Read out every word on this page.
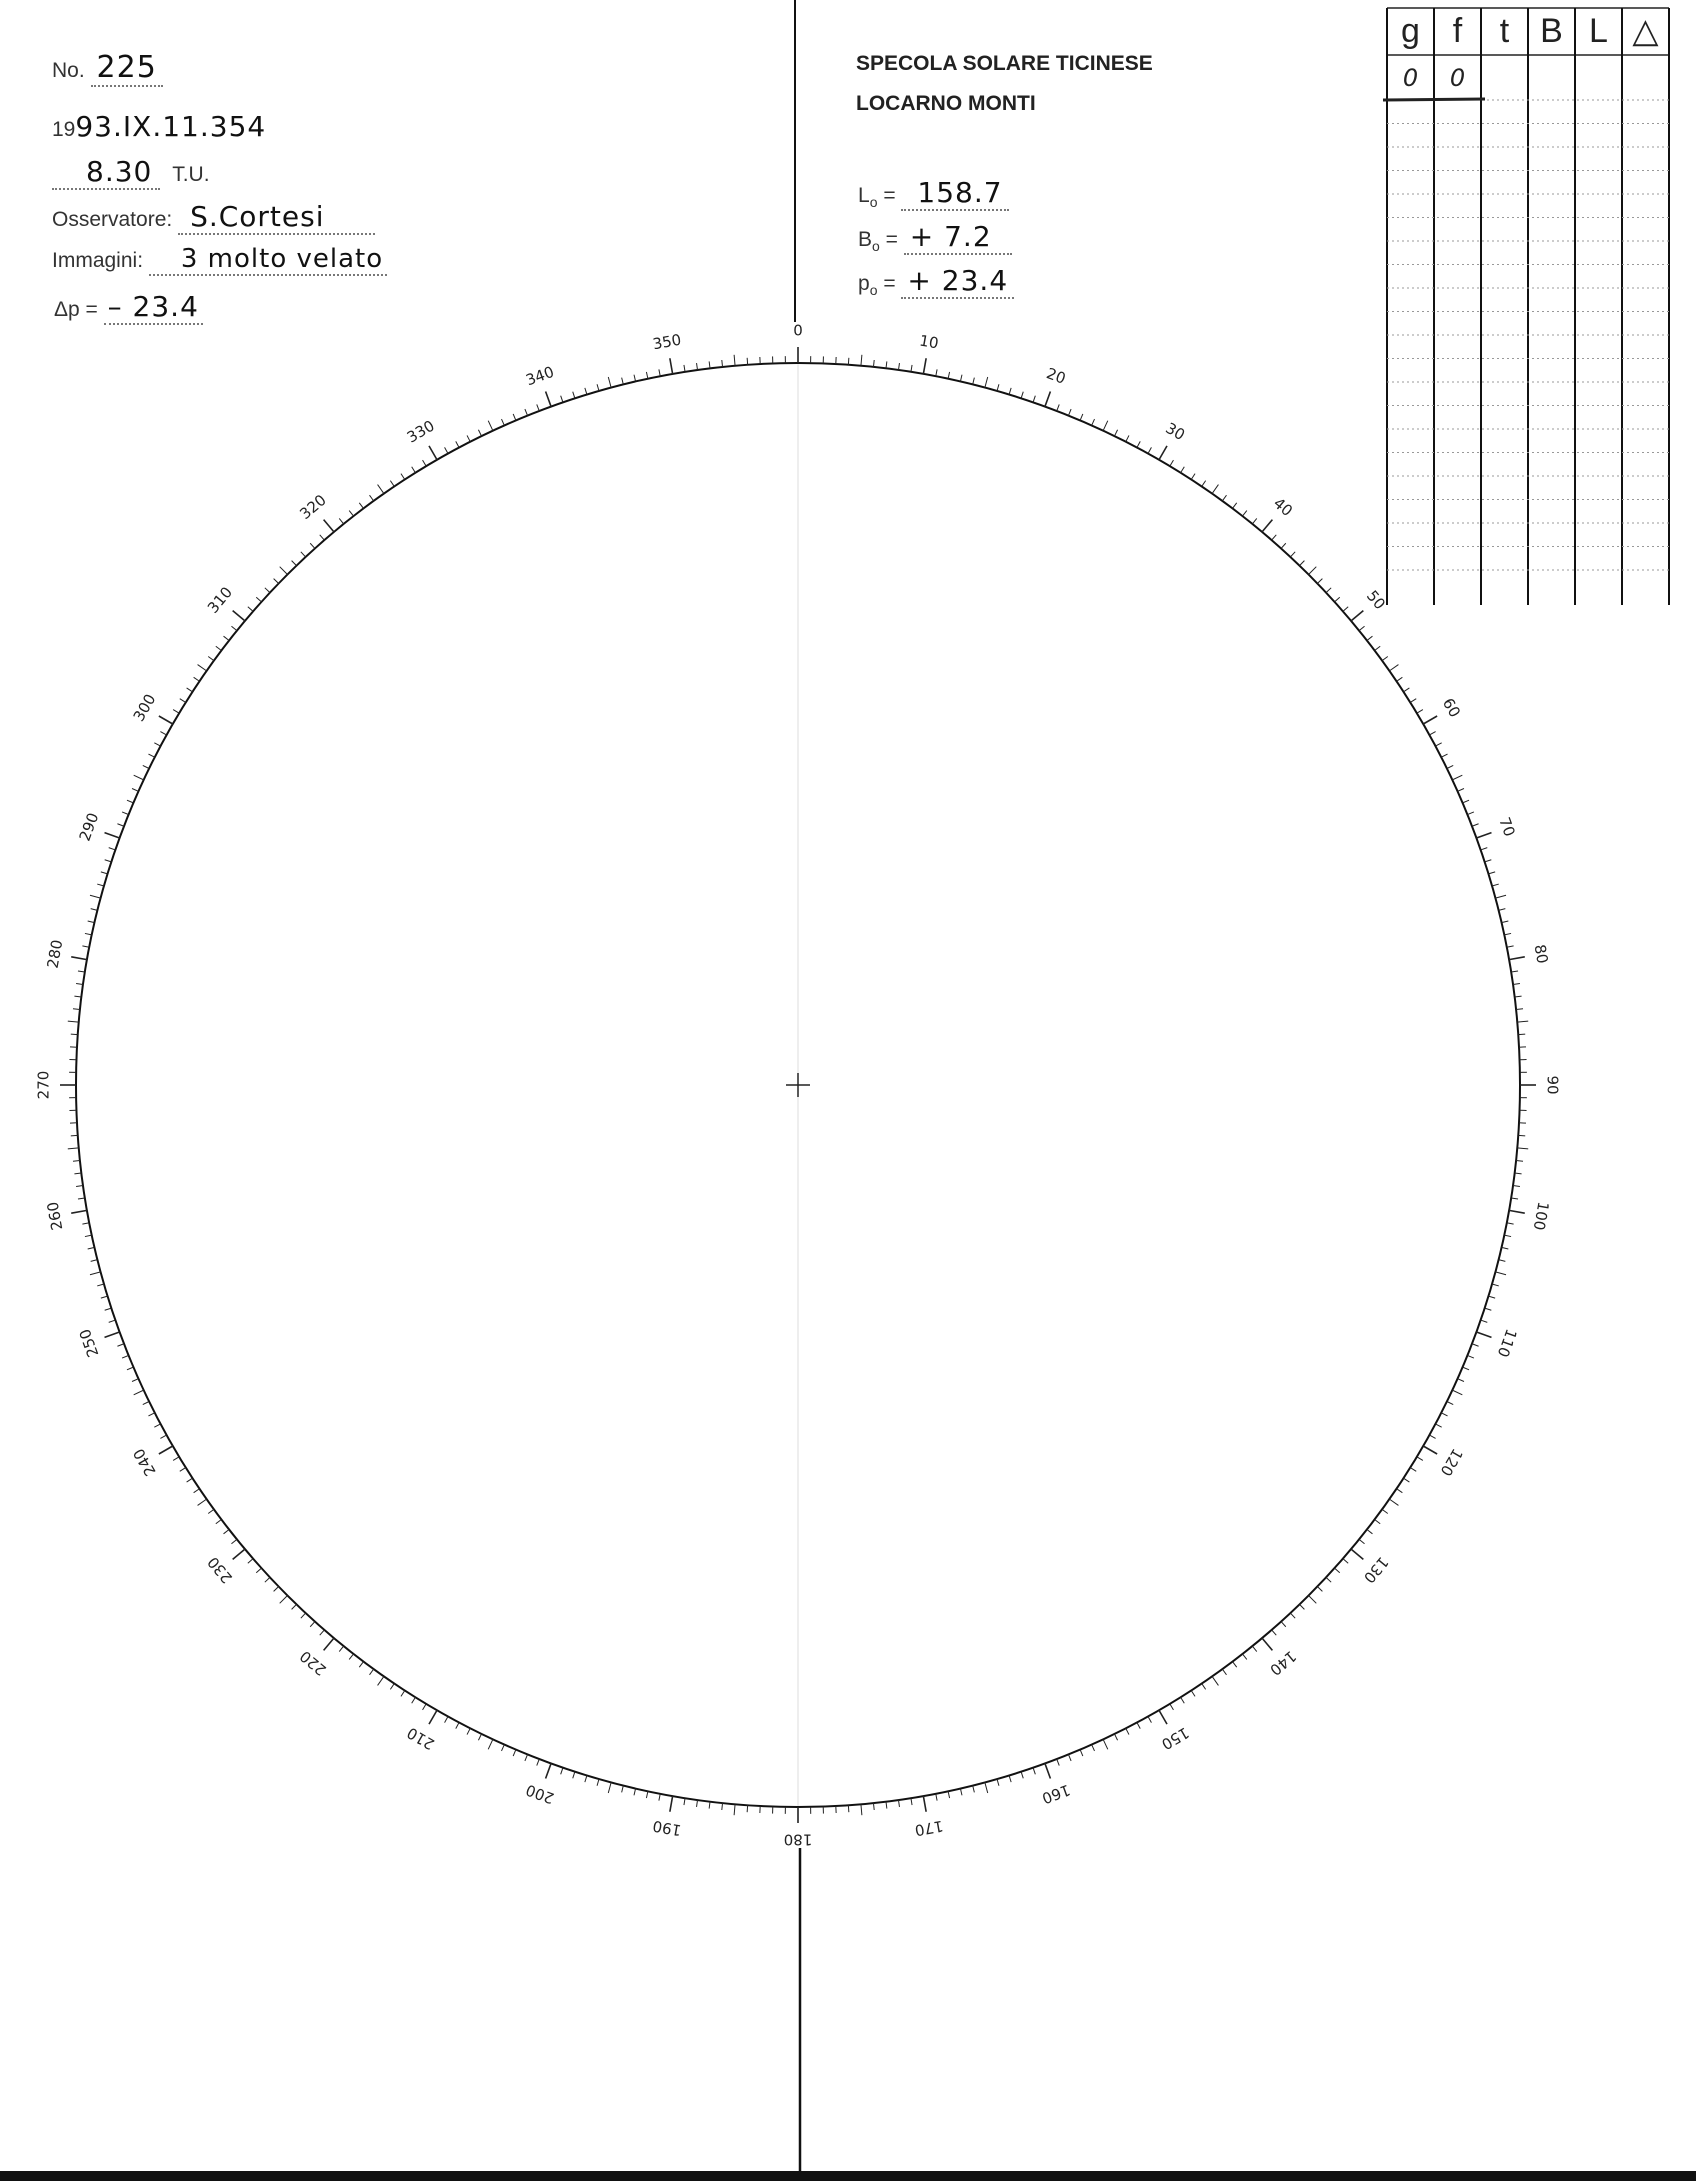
No. 225
1993.IX.11.354
8.30 T.U.
Osservatore: S.Cortesi
Immagini: 3 molto velato
Δp = – 23.4
SPECOLA SOLARE TICINESE
LOCARNO MONTI
$L_o = 158.7$
$B_o$ = + 7.2
$p_o$ = + 23.4
g f	t B L △
0	0
0
10
20
30
40
50
60
70
80
90
100
110
120
130
140
150
160
170
180
190
200
210
220
230
240
250
260
270
280
290
300
310
320
330
340
350
